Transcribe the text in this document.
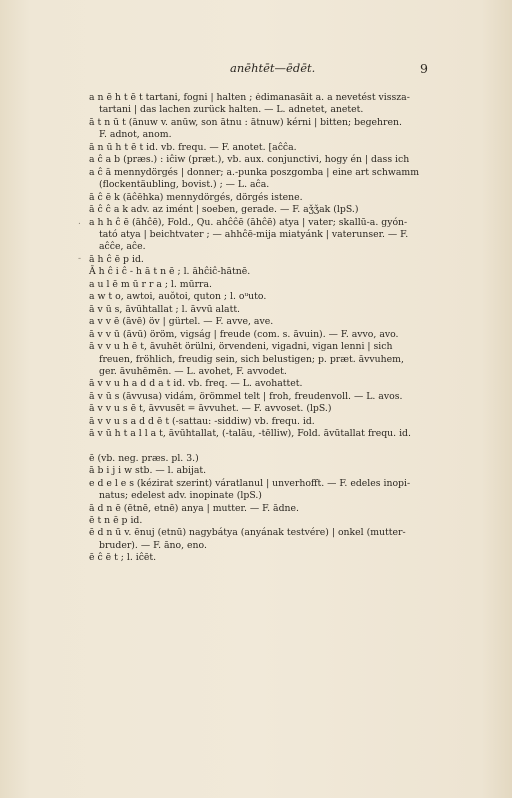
anēhtēt—ēdēt.	9
a n ē h t ē t tartani, fogni | halten ; ėdimanasāit a. a nevetést vissza-
tartani | das lachen zurück halten. — L. adnetet, anetet.
ā t n ū t (ānuw v. anūw, son ātnu : ātnuw) kérni | bitten; begehren.
F. adnot, anom.
ā n ū h t ē t id. vb. frequ. — F. anotet. [aĉĉa.
a ĉ a b (præs.) : iĉiw (præt.), vb. aux. conjunctivi, hogy én | dass ich
a ĉ ā mennydörgés | donner; a.-punka poszgomba | eine art schwamm
(flockentäubling, bovist.) ; — L. aĉa.
ā ĉ ē k (āĉēhka) mennydörgés, dörgés istene.
ā ĉ ĉ a k adv. az imént | soeben, gerade. — F. aǯǯak (lpS.)
a h h ĉ ē (āhĉē), Fold., Qu. ahĉĉē (āhĉē) atya | vater; skallū-a. gyón-
tató atya | beichtvater ; — ahhĉē-mija miatyánk | vaterunser. — F.
aĉĉe, aĉe.
ā h ĉ ē p id.
Ā h ĉ i ĉ - h ā t n ē ; l. āhĉiĉ-hātnē.
a u l ē m ū r r a ; l. mūrra.
a w t o, awtoi, auŏtoi, quton ; l. oᵘuto.
ā v ū s, āvūhtallat ; l. āvvū alatt.
a v v ē (āvē) öv | gürtel. — F. avve, ave.
ā v v ū (āvū) öröm, vigság | freude (com. s. āvuin). — F. avvo, avo.
ā v v u h ē t, āvuhēt örülni, örvendeni, vigadni, vigan lenni | sich
freuen, fröhlich, freudig sein, sich belustigen; p. præt. āvvuhem,
ger. āvuhēmēn. — L. avohet, F. avvodet.
ā v v u h a d d a t id. vb. freq. — L. avohattet.
ā v ū s (āvvusa) vidám, örömmel telt | froh, freudenvoll. — L. avos.
ā v v u s ē t, āvvusēt = āvvuhet. — F. avvoset. (lpS.)
ā v v u s a d d ē t (-sattau: -siddiw) vb. frequ. id.
ā v ū h t a l l a t, āvūhtallat, (-talāu, -tēlliw), Fold. āvūtallat frequ. id.
ē (vb. neg. præs. pl. 3.)
ā b i j i w stb. — l. abijat.
e d e l e s (kézirat szerint) váratlanul | unverhofft. — F. edeles inopi-
natus; edelest adv. inopinate (lpS.)
ā d n ē (ētnē, etnē) anya | mutter. — F. ādne.
ē t n ē p id.
ē d n ū v. ēnuj (etnū) nagybátya (anyának testvére) | onkel (mutter-
bruder). — F. āno, eno.
ē ĉ ē t ; l. iĉēt.
.
-
